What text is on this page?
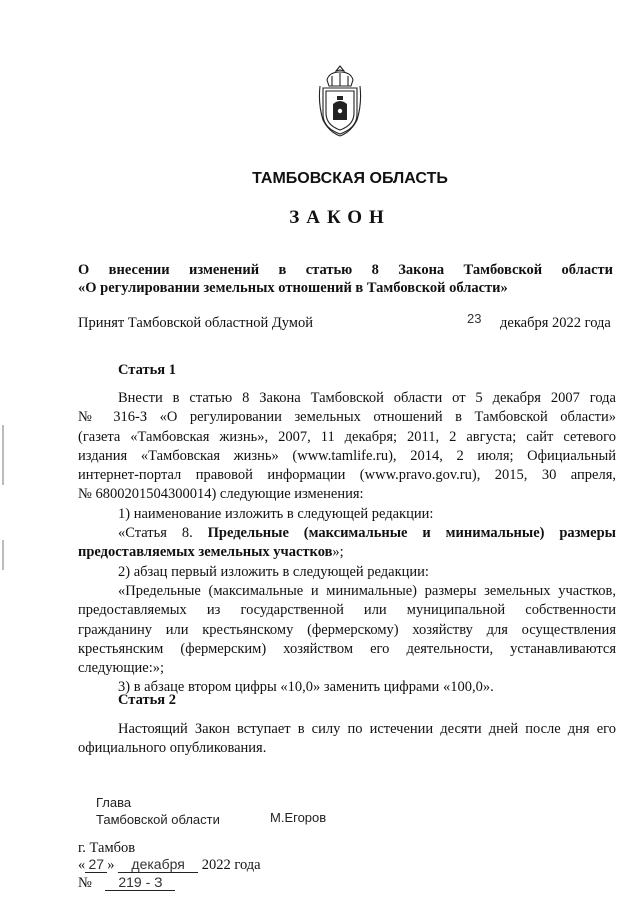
ТАМБОВСКАЯ ОБЛАСТЬ
ЗАКОН
О внесении изменений в статью 8 Закона Тамбовской области
«О регулировании земельных отношений в Тамбовской области»
Принят Тамбовской областной Думой	23 декабря 2022 года
Статья 1

Внести в статью 8 Закона Тамбовской области от 5 декабря 2007 года

№ 316-З «О регулировании земельных отношений в Тамбовской области»

(газета «Тамбовская жизнь», 2007, 11 декабря; 2011, 2 августа; сайт сетевого

издания «Тамбовская жизнь» (www.tamlife.ru), 2014, 2 июля; Официальный

интернет-портал правовой информации (www.pravo.gov.ru), 2015, 30 апреля,

№ 6800201504300014) следующие изменения:

1) наименование изложить в следующей редакции:

«Статья 8. Предельные (максимальные и минимальные) размеры

предоставляемых земельных участков»;

2) абзац первый изложить в следующей редакции:

«Предельные (максимальные и минимальные) размеры земельных участков,

предоставляемых из государственной или муниципальной собственности

гражданину или крестьянскому (фермерскому) хозяйству для осуществления

крестьянским (фермерским) хозяйством его деятельности, устанавливаются

следующие:»;

3) в абзаце втором цифры «10,0» заменить цифрами «100,0».

Статья 2

Настоящий Закон вступает в силу по истечении десяти дней после дня его

официального опубликования.

Глава
Тамбовской области	М.Егоров
г. Тамбов
« 27 » декабря 2022 года
№ 219 - З
